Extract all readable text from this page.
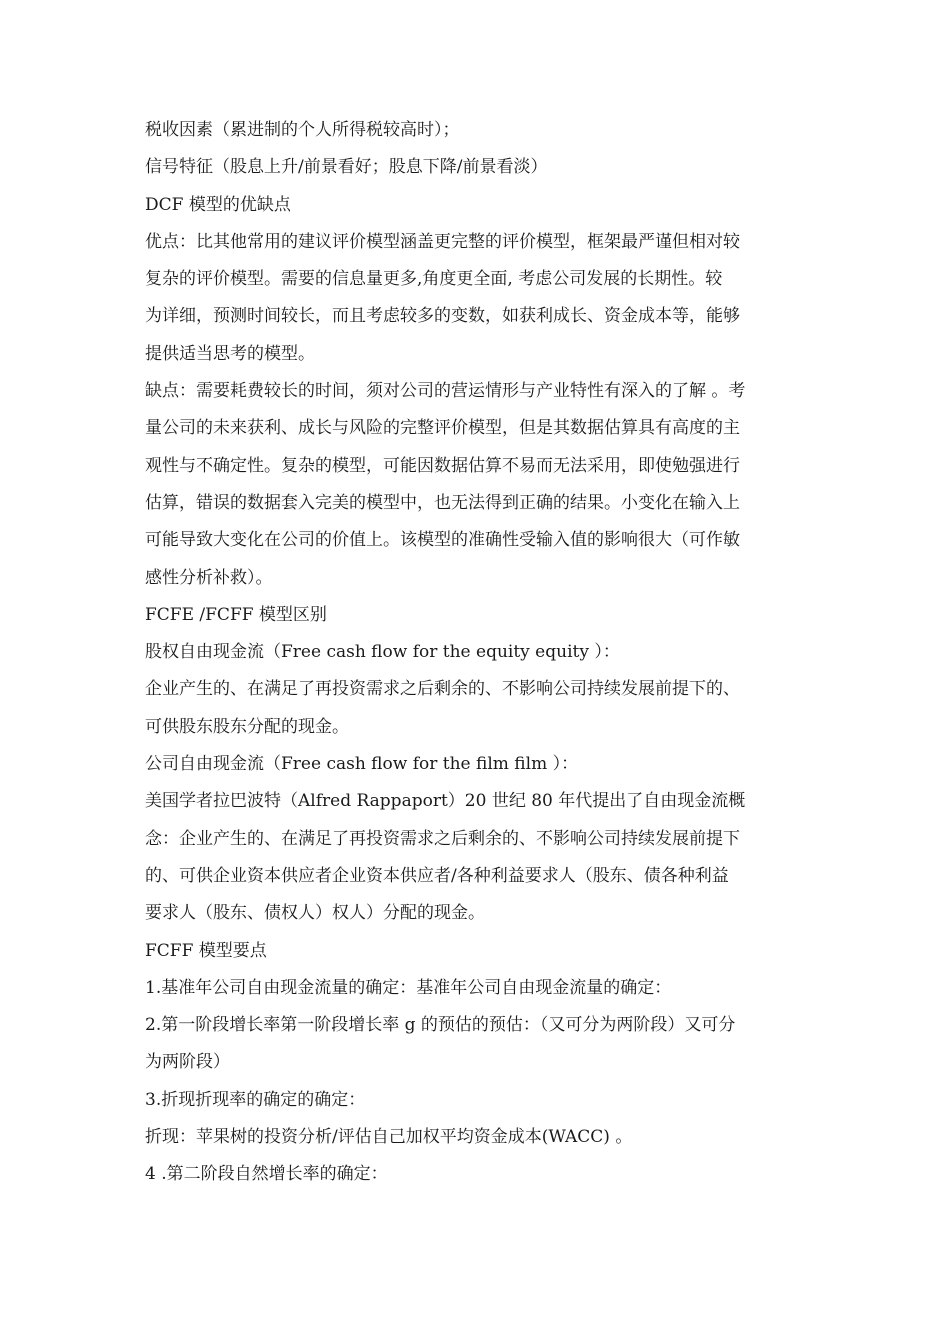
税收因素（累进制的个人所得税较高时）；

信号特征（股息上升/前景看好；股息下降/前景看淡）

DCF 模型的优缺点

优点：比其他常用的建议评价模型涵盖更完整的评价模型，框架最严谨但相对较

复杂的评价模型。需要的信息量更多,角度更全面, 考虑公司发展的长期性。较

为详细，预测时间较长，而且考虑较多的变数，如获利成长、资金成本等，能够

提供适当思考的模型。

缺点：需要耗费较长的时间，须对公司的营运情形与产业特性有深入的了解 。考

量公司的未来获利、成长与风险的完整评价模型，但是其数据估算具有高度的主

观性与不确定性。复杂的模型，可能因数据估算不易而无法采用，即使勉强进行

估算，错误的数据套入完美的模型中，也无法得到正确的结果。小变化在输入上

可能导致大变化在公司的价值上。该模型的准确性受输入值的影响很大（可作敏

感性分析补救）。

FCFE /FCFF 模型区别

股权自由现金流（Free cash flow for the equity equity ）：

企业产生的、在满足了再投资需求之后剩余的、不影响公司持续发展前提下的、

可供股东股东分配的现金。

公司自由现金流（Free cash flow for the film film ）：

美国学者拉巴波特（Alfred Rappaport）20 世纪 80 年代提出了自由现金流概

念：企业产生的、在满足了再投资需求之后剩余的、不影响公司持续发展前提下

的、可供企业资本供应者企业资本供应者/各种利益要求人（股东、债各种利益

要求人（股东、债权人）权人）分配的现金。

FCFF 模型要点

1.基准年公司自由现金流量的确定：基准年公司自由现金流量的确定：

2.第一阶段增长率第一阶段增长率 g 的预估的预估：（又可分为两阶段）又可分

为两阶段）

3.折现折现率的确定的确定：

折现：苹果树的投资分析/评估自己加权平均资金成本(WACC) 。

4 .第二阶段自然增长率的确定：
